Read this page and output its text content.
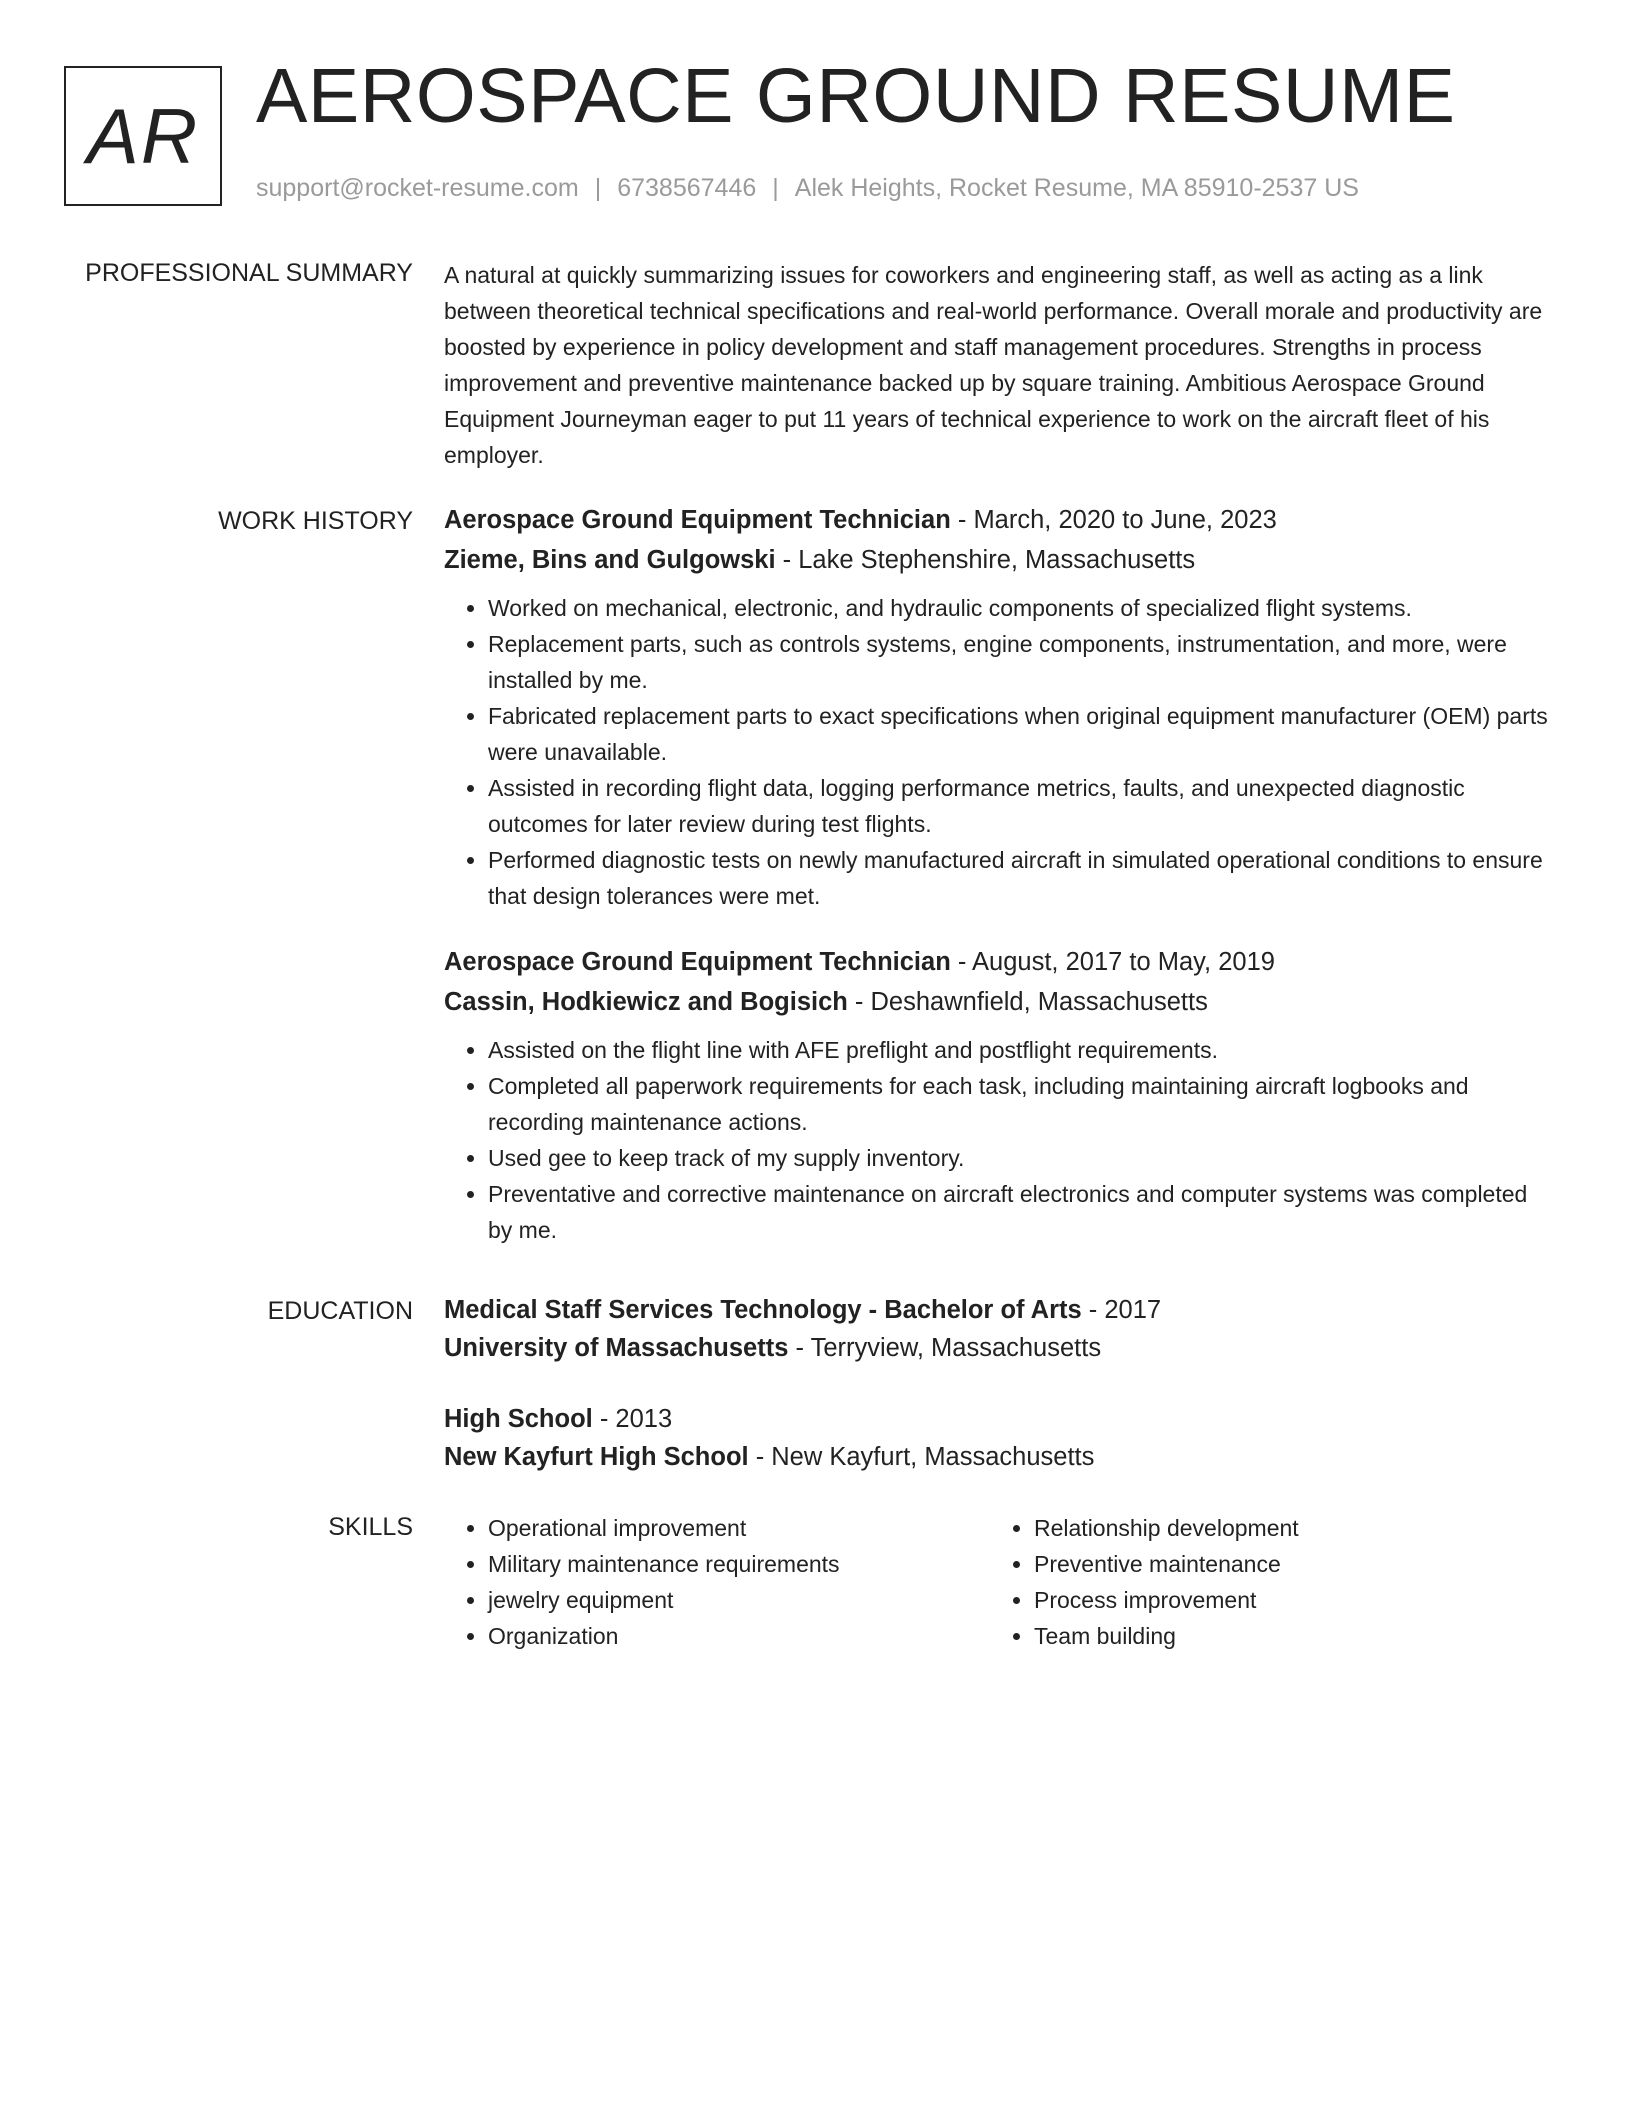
AR AEROSPACE GROUND RESUME
support@rocket-resume.com | 6738567446 | Alek Heights, Rocket Resume, MA 85910-2537 US
PROFESSIONAL SUMMARY A natural at quickly summarizing issues for coworkers and engineering staff, as well as acting as a link between theoretical technical specifications and real-world performance. Overall morale and productivity are boosted by experience in policy development and staff management procedures. Strengths in process improvement and preventive maintenance backed up by square training. Ambitious Aerospace Ground Equipment Journeyman eager to put 11 years of technical experience to work on the aircraft fleet of his employer.

WORK HISTORY Aerospace Ground Equipment Technician - March, 2020 to June, 2023
Zieme, Bins and Gulgowski - Lake Stephenshire, Massachusetts
• Worked on mechanical, electronic, and hydraulic components of specialized flight systems.
• Replacement parts, such as controls systems, engine components, instrumentation, and more, were installed by me.
• Fabricated replacement parts to exact specifications when original equipment manufacturer (OEM) parts were unavailable.
• Assisted in recording flight data, logging performance metrics, faults, and unexpected diagnostic outcomes for later review during test flights.
• Performed diagnostic tests on newly manufactured aircraft in simulated operational conditions to ensure that design tolerances were met.
Aerospace Ground Equipment Technician - August, 2017 to May, 2019
Cassin, Hodkiewicz and Bogisich - Deshawnfield, Massachusetts
• Assisted on the flight line with AFE preflight and postflight requirements.
• Completed all paperwork requirements for each task, including maintaining aircraft logbooks and recording maintenance actions.
• Used gee to keep track of my supply inventory.
• Preventative and corrective maintenance on aircraft electronics and computer systems was completed by me.
EDUCATION Medical Staff Services Technology - Bachelor of Arts - 2017
University of Massachusetts - Terryview, Massachusetts
High School - 2013
New Kayfurt High School - New Kayfurt, Massachusetts
SKILLS
•	Operational improvement
• Military maintenance requirements
• jewelry equipment
• Organization
• Relationship development
• Preventive maintenance
• Process improvement
• Team building
